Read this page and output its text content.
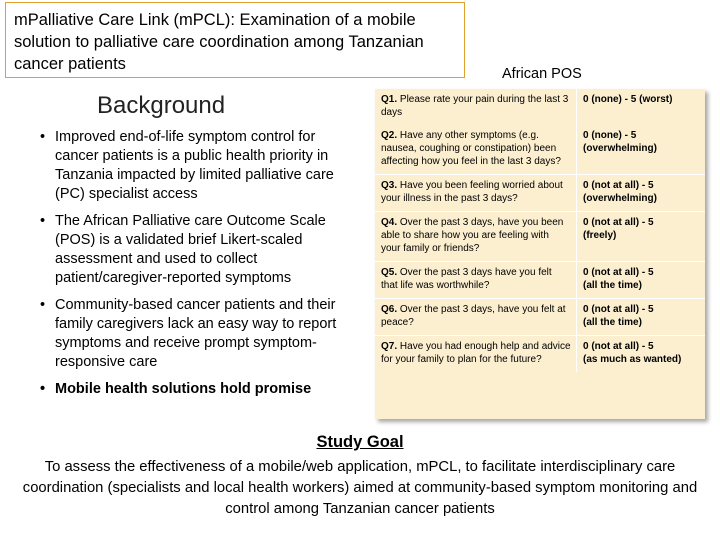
mPalliative Care Link (mPCL): Examination of a mobile solution to palliative care coordination among Tanzanian cancer patients
African POS
Background
• Improved end-of-life symptom control for cancer patients is a public health priority in Tanzania impacted by limited palliative care (PC) specialist access
• The African Palliative care Outcome Scale (POS) is a validated brief Likert-scaled assessment and used to collect patient/caregiver-reported symptoms
• Community-based cancer patients and their family caregivers lack an easy way to report symptoms and receive prompt symptom-responsive care
• Mobile health solutions hold promise
Q1. Please rate your pain during the last 3 days	0 (none) - 5 (worst)

Q2. Have any other symptoms (e.g. nausea, coughing or constipation) been affecting how you feel in the last 3 days?	0 (none) - 5
(overwhelming)

Q3. Have you been feeling worried about your illness in the past 3 days?	0 (not at all) - 5
(overwhelming)

Q4. Over the past 3 days, have you been able to share how you are feeling with your family or friends?	0 (not at all) - 5
(freely)

Q5. Over the past 3 days have you felt that life was worthwhile?	0 (not at all) - 5
(all the time)

Q6. Over the past 3 days, have you felt at peace?	0 (not at all) - 5
(all the time)

Q7. Have you had enough help and advice for your family to plan for the future?	0 (not at all) - 5
(as much as wanted)
Study Goal
To assess the effectiveness of a mobile/web application, mPCL, to facilitate interdisciplinary care coordination (specialists and local health workers) aimed at community-based symptom monitoring and control among Tanzanian cancer patients
